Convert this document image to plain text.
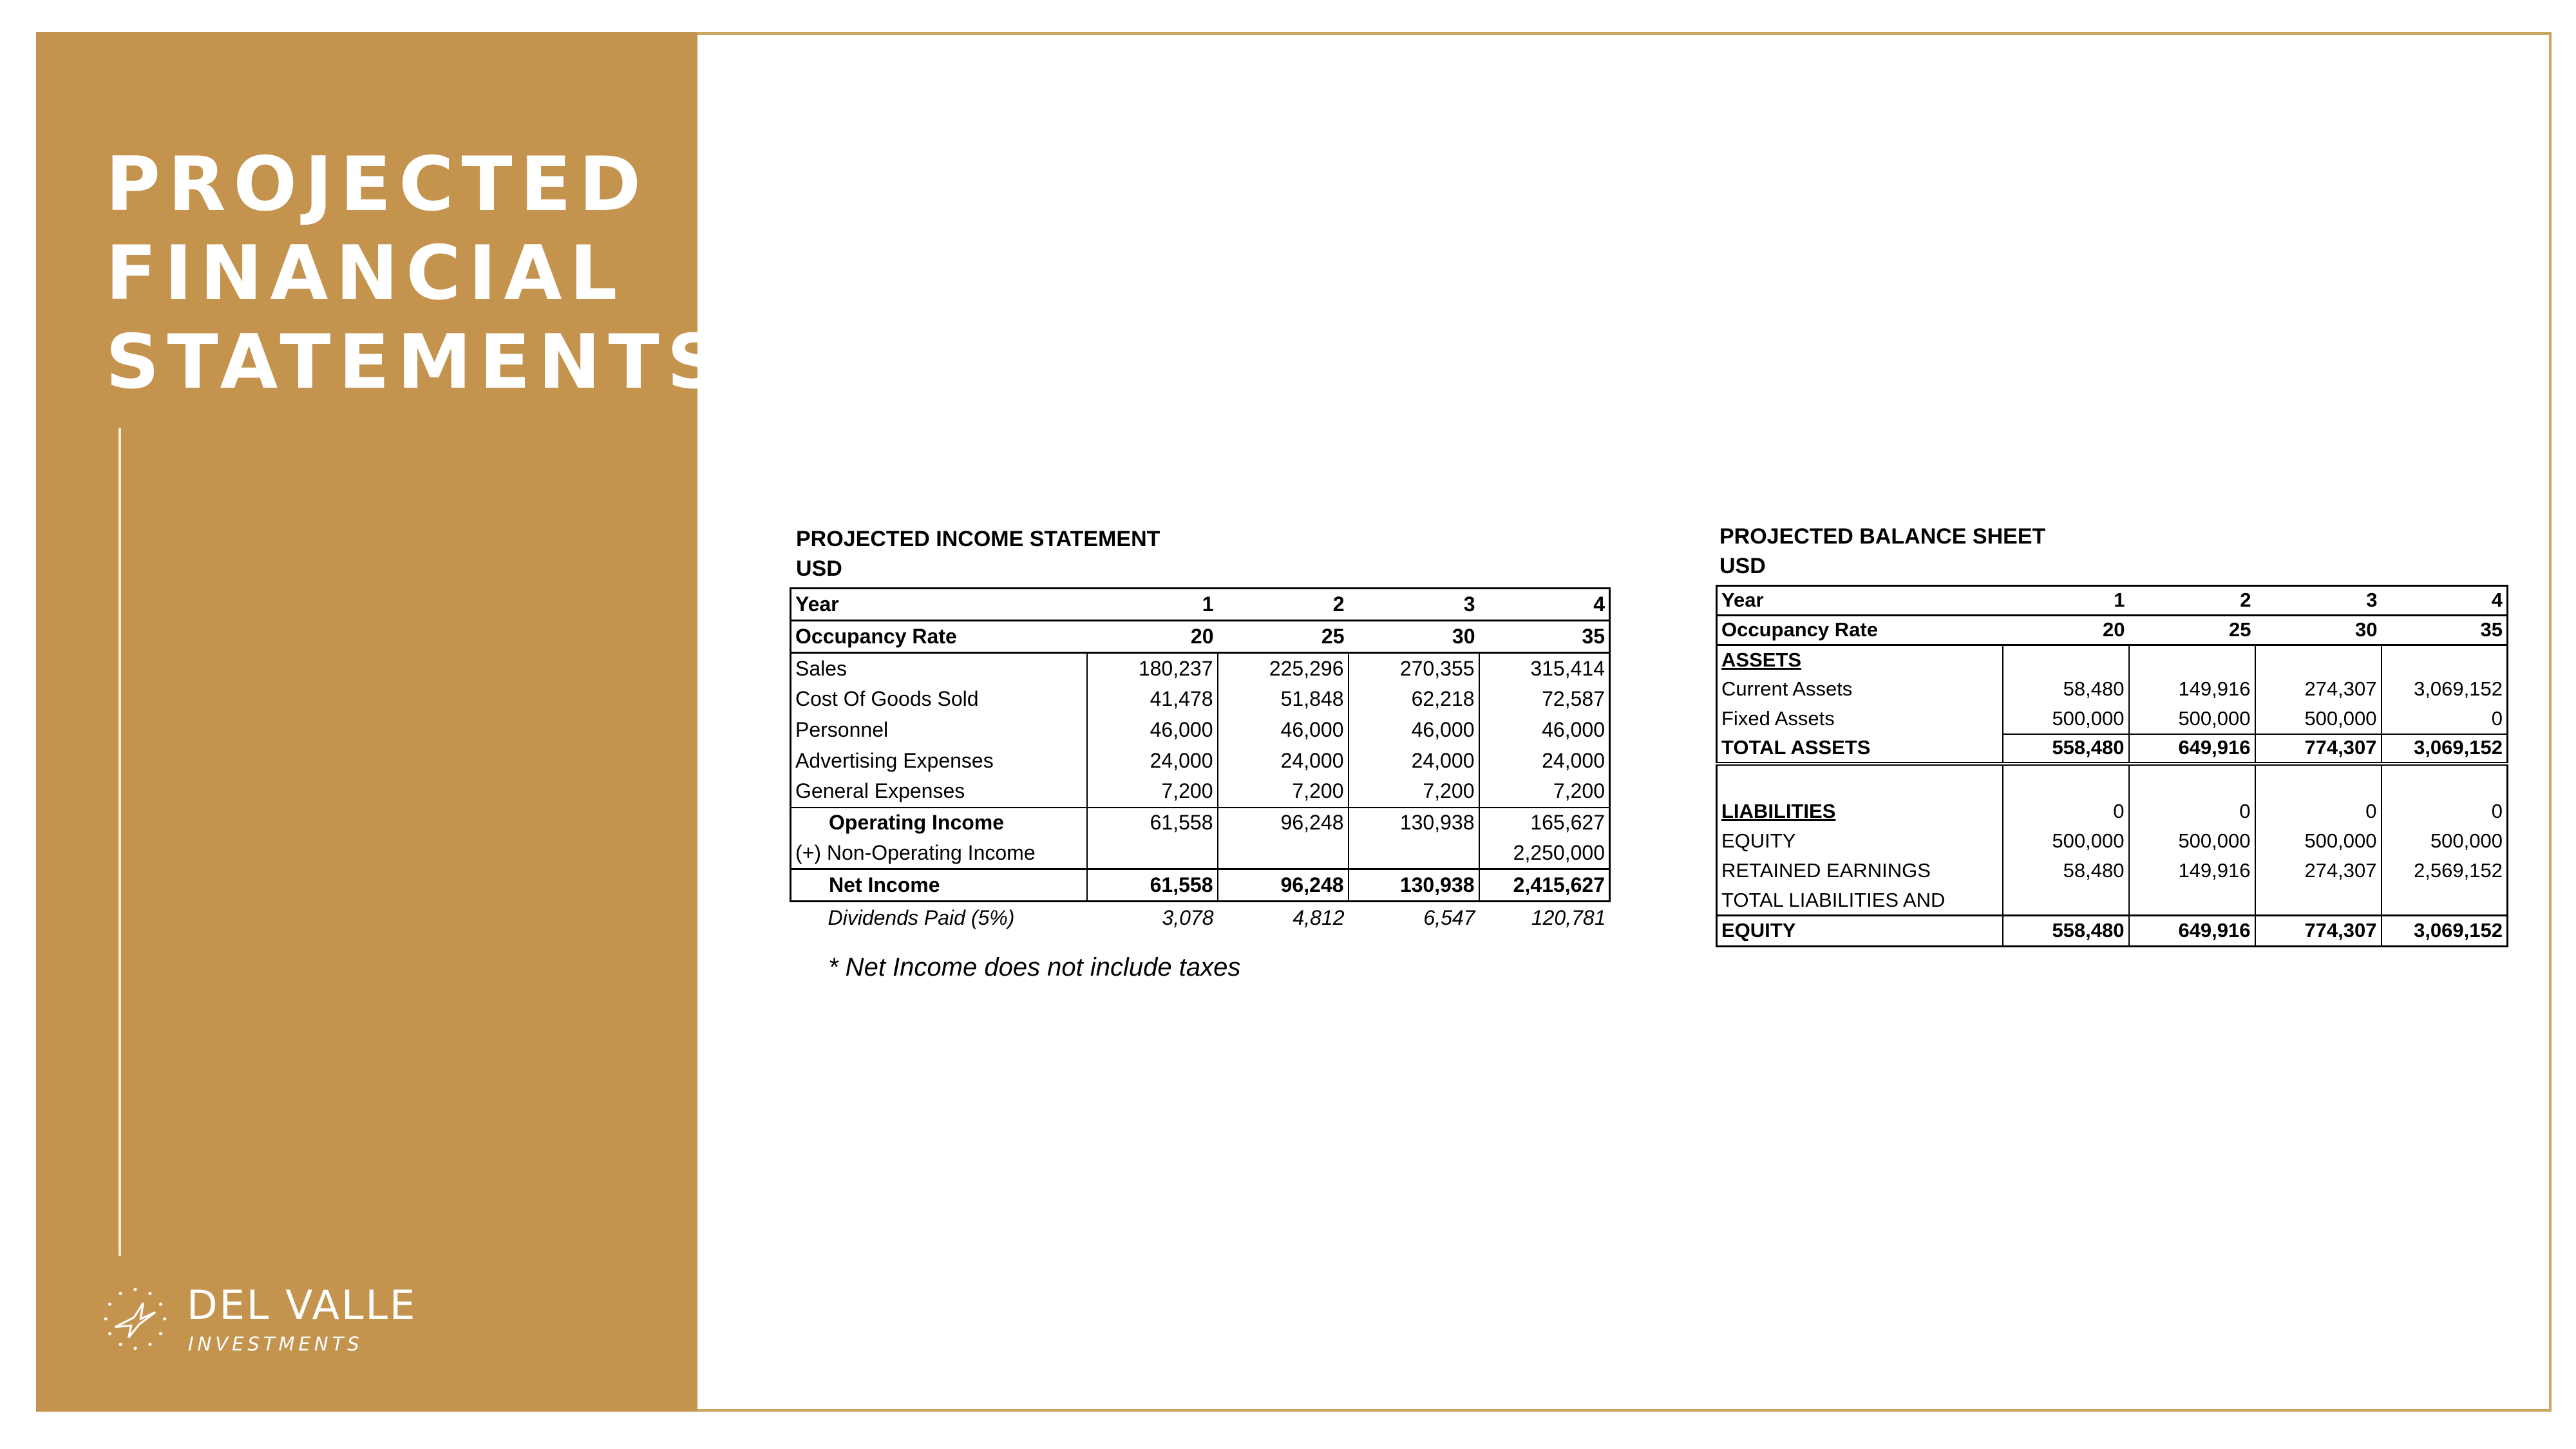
PROJECTED
FINANCIAL
STATEMENTS
DEL VALLE
INVESTMENTS
PROJECTED INCOME STATEMENT
USD
Year	1	2	3	4
Occupancy Rate	20	25	30	35
Sales	180,237	225,296	270,355	315,414
Cost Of Goods Sold	41,478	51,848	62,218	72,587
Personnel	46,000	46,000	46,000	46,000
Advertising Expenses	24,000	24,000	24,000	24,000
General Expenses	7,200	7,200	7,200	7,200
Operating Income	61,558	96,248	130,938	165,627
(+) Non-Operating Income				2,250,000
Net Income	61,558	96,248	130,938	2,415,627
Dividends Paid (5%)	3,078	4,812	6,547	120,781
* Net Income does not include taxes
PROJECTED BALANCE SHEET
USD
Year	1	2	3	4
Occupancy Rate	20	25	30	35
ASSETS				
Current Assets	58,480	149,916	274,307	3,069,152
Fixed Assets	500,000	500,000	500,000	0
TOTAL ASSETS	558,480	649,916	774,307	3,069,152

LIABILITIES	0	0	0	0
EQUITY	500,000	500,000	500,000	500,000
RETAINED EARNINGS	58,480	149,916	274,307	2,569,152
TOTAL LIABILITIES AND				
EQUITY	558,480	649,916	774,307	3,069,152
